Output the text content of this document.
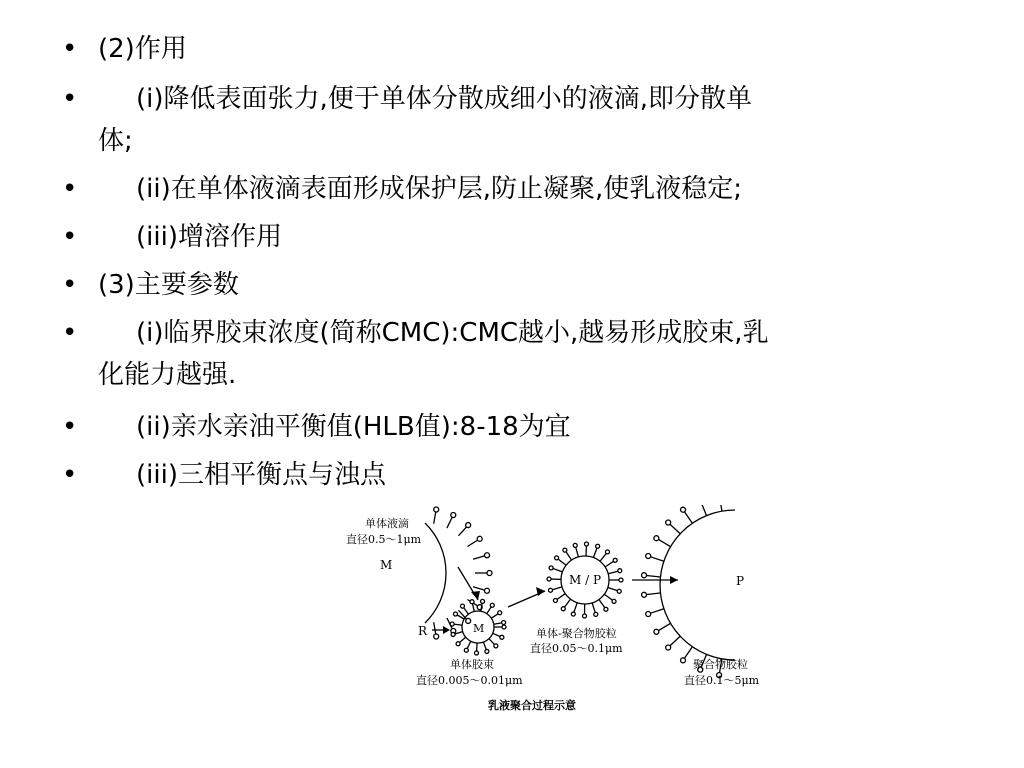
• (2)作用
• (i)降低表面张力,便于单体分散成细小的液滴,即分散单
体;
• (ii)在单体液滴表面形成保护层,防止凝聚,使乳液稳定;
• (iii)增溶作用
• (3)主要参数
• (i)临界胶束浓度(简称CMC):CMC越小,越易形成胶束,乳
化能力越强.
• (ii)亲水亲油平衡值(HLB值):8-18为宜
• (iii)三相平衡点与浊点
单体液滴
直径0.5～1μm
M
R	M
单体胶束
直径0.005～0.01μm
M / P
单体-聚合物胶粒
直径0.05～0.1μm
P
聚合物胶粒
直径0.1～5μm
乳液聚合过程示意
